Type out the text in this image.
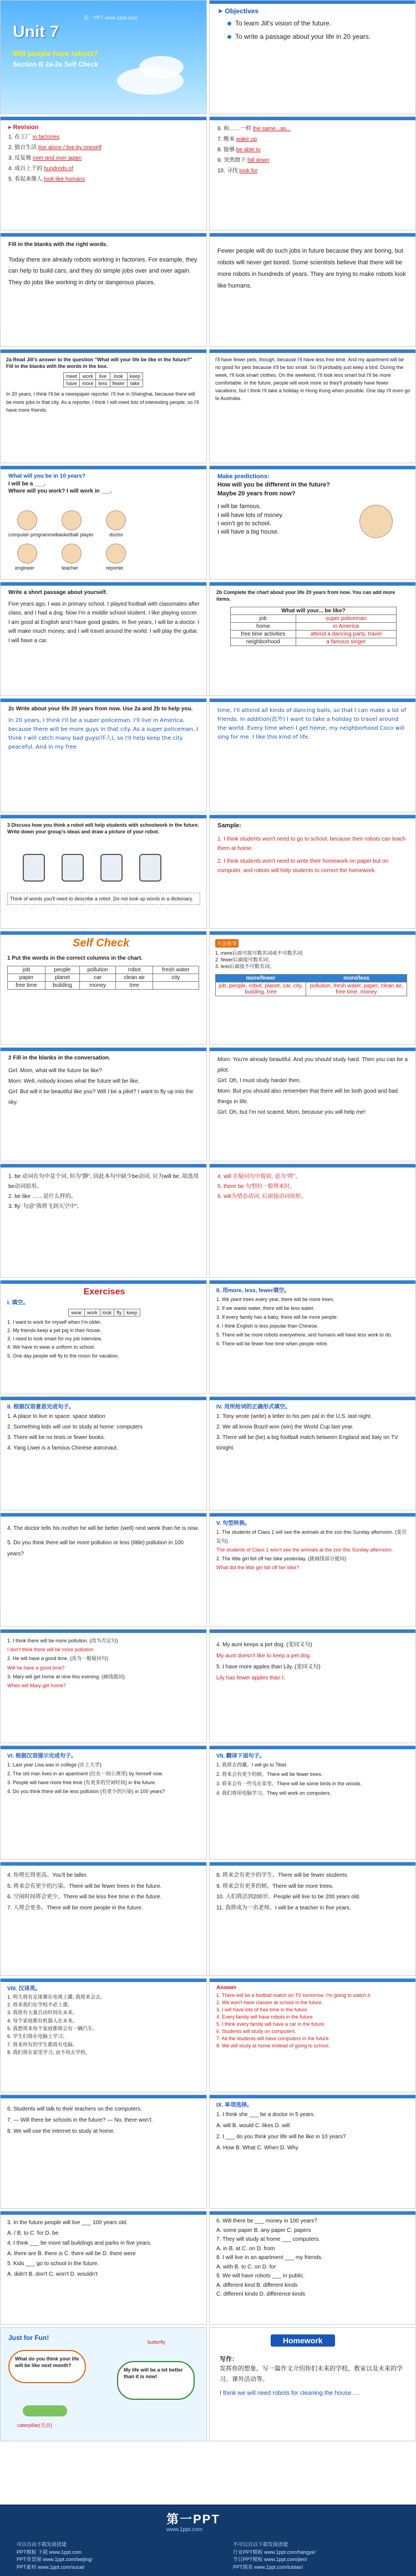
第一PPT www.1ppt.com
Unit 7
Will people have robots?
Section B 2a-2e Self Check
➤ Objectives
To learn Jill's vision of the future.
To write a passage about your life in 20 years.
▸ Revision

1. 在工厂 in factories

2. 独自生活 live alone / live by oneself

3. 反复地 over and over again

4. 成百上千的 hundreds of

5. 看起来像人 look like humans

6. 和……一样 the same...as...

7. 醒来 wake up

8. 能够 be able to

9. 突然倒下 fall down

10. 寻找 look for

Fill in the blanks with the right words.

Today there are already robots working in factories. For example, they can help to build cars, and they do simple jobs over and over again. They do jobs like working in dirty or dangerous places.

Fewer people will do such jobs in future because they are boring, but robots will never get bored. Some scientists believe that there will be more robots in hundreds of years. They are trying to make robots look like humans.

2a Read Jill's answer to the question "What will your life be like in the future?" Fill in the blanks with the words in the box.

meet	work	live	look	keep
have	more	less	fewer	take

In 20 years, I think I'll be a newspaper reporter. I'll live in Shanghai, because there will be more jobs in that city. As a reporter, I think I will meet lots of interesting people, so I'll have more friends.

I'll have fewer pets, though, because I'll have less free time. And my apartment will be no good for pets because it'll be too small. So I'll probably just keep a bird. During the week, I'll look smart clothes. On the weekend, I'll look less smart but I'll be more comfortable. In the future, people will work more so they'll probably have fewer vacations, but I think I'll take a holiday in Hong Kong when possible. One day I'll even go to Australia.

What will you be in 10 years?

I will be a ___.

Where will you work? I will work in ___.

computer programmer
basketball player	doctor
engineer	teacher	reporter

Make predictions:

How will you be different in the future?

Maybe 20 years from now?

I will be famous.

I will have lots of money.

I won't go to school.

I will have a big house.

Write a short passage about yourself.

Five years ago, I was in primary school. I played football with classmates after class, and I had a dog. Now I'm a middle school student. I like playing soccer. I am good at English and I have good grades. In five years, I will be a doctor. I will make much money, and I will travel around the world. I will play the guitar. I will have a car.

2b Complete the chart about your life 20 years from now. You can add more items.

What will your... be like?	
job	super policeman
home	in America
free time activities	attend a dancing party, travel
neighborhood	a famous singer

2c Write about your life 20 years from now. Use 2a and 2b to help you.

In 20 years, I think I'll be a super policeman. I'll live in America, because there will be more guys in that city. As a super policeman, I think I will catch many bad guys(坏人), so I'll help keep the city peaceful. And in my free

time, I'll attend all kinds of dancing balls, so that I can make a lot of friends. In addition(此外) I want to take a holiday to travel around the world. Every time when I get home, my neighborhood Coco will sing for me. I like this kind of life.

3 Discuss how you think a robot will help students with schoolwork in the future. Write down your group's ideas and draw a picture of your robot.

Think of words you'll need to describe a robot. Do not look up words in a dictionary.

Sample:

1. I think students won't need to go to school, because their robots can teach them at home.

2. I think students won't need to write their homework on paper but on computer, and robots will help students to correct the homework.

Self Check

1 Put the words in the correct columns in the chart.

job	people	pollution	robot	fresh water
paper	planet	car	clean air	city
free time	building	money	tree	
方法指导

1. more后面可接可数名词或不可数名词;

2. fewer后面接可数名词;

3. less后面接不可数名词。

more/fewer	more/less
job, people, robot, planet, car, city, building, tree	pollution, fresh water, paper, clean air, free time, money

2 Fill in the blanks in the conversation.

Girl: Mom, what will the future be like?

Mom: Well, nobody knows what the future will be like.

Girl: But will it be beautiful like you? Will I be a pilot? I want to fly up into the sky.

Mom: You're already beautiful. And you should study hard. Then you can be a pilot.

Girl: Oh, I must study harder then.

Mom: But you should also remember that there will be both good and bad things in life.

Girl: Oh, but I'm not scared, Mom, because you will help me!

1. be 动词在句中是个词, 但为"静", 因此本句中缺少be动词, 应为will be, 故选用be动词原形。

2. be like ……是什么样的。

3. fly: 句意"我将飞到天空中"。

4. will 在疑问句中提前, 意为"将"。

5. there be 句型的一般将来时。

6. will为情态动词, 后面接动词原形。

Exercises

I. 填空。

wear	work	look	fly	keep

1. I want to work for myself when I'm older.

2. My friends keep a pet pig in their house.

3. I need to look smart for my job interview.

4. We have to wear a uniform to school.

5. One day people will fly to the moon for vacation.

II. 用more, less, fewer填空。

1. We plant trees every year, there will be more trees.

2. If we waste water, there will be less water.

3. If every family has a baby, there will be more people.

4. I think English is less popular than Chinese.

5. There will be more robots everywhere, and humans will have less work to do.

6. There will be fewer free time when people retire.

II. 根据汉语意思完成句子。

1. A place to live in space: space station

2. Something kids will use to study at home: computers

3. There will be no tests or fewer books.

4. Yang Liwei is a famous Chinese astronaut.

IV. 用所给词的正确形式填空。

1. Tony wrote (write) a letter to his pen pal in the U.S. last night.

2. We all know Brazil won (win) the World Cup last year.

3. There will be (be) a big football match between England and Italy on TV tonight.

4. The doctor tells his mother he will be better (well) next week than he is now.

5. Do you think there will be more pollution or less (little) pollution in 100 years?

V. 句型转换。

1. The students of Class 1 will see the animals at the zoo this Sunday afternoon. (变否定句)

The students of Class 1 won't see the animals at the zoo this Sunday afternoon.

2. The little girl fell off her bike yesterday. (就画线部分提问)

What did the little girl fall off her bike?

1. I think there will be more pollution. (改为否定句)

I don't think there will be more pollution.

2. He will have a good time. (改为一般疑问句)

Will he have a good time?

3. Mary will get home at nine this evening. (画线提问)

When will Mary get home?

4. My aunt keeps a pet dog. (变同义句)

My aunt doesn't like to keep a pet dog.

5. I have more apples than Lily. (变同义句)

Lily has fewer apples than I.

VI. 根据汉语提示完成句子。

1. Last year Lisa was in college (在上大学).

2. The old man lives in an apartment (住在一间公寓里) by himself now.

3. People will have more free time (有更多的空闲时间) in the future.

4. Do you think there will be less pollution (有更少的污染) in 100 years?

VII. 翻译下面句子。

1. 我将去西藏。I will go to Tibet.

2. 将来会有更少的树。There will be fewer trees.

3. 将来会有一些鸟在家里。There will be some birds in the woods.

4. 我们将用电脑学习。They will work on computers.

4. 你将长得更高。You'll be taller.

5. 将来会有更少的污染。There will be fewer trees in the future.

6. 空闲时间将会更少。There will be less free time in the future.

7. 人将会更多。There will be more people in the future.

8. 将来会有更少的学生。There will be fewer students.

9. 将来会有更多的树。There will be more trees.

10. 人们将活到200岁。People will live to be 200 years old.

11. 我将成为一名老师。I will be a teacher in five years.

VIII. 汉译英。

1. 明天将有足球赛在电视上播, 我将来会去。

2. 将来我们在学校不必上课。

3. 我将有大量自由时间在未来。

4. 每个家庭都有机器人在未来。

5. 我想将来每个家庭都将会有一辆汽车。

6. 学生们将在电脑上学习。

7. 将来所有的学生都将有电脑。

8. 我们将在家里学习, 而不用去学校。

Answer

1. There will be a football match on TV tomorrow. I'm going to watch it.

2. We won't have classes at school in the future.

3. I will have lots of free time in the future.

4. Every family will have robots in the future.

5. I think every family will have a car in the future.

6. Students will study on computers.

7. All the students will have computers in the future.

8. We will study at home instead of going to school.

6. Students will talk to their teachers on the computers.

7. — Will there be schools in the future? — No, there won't.

8. We will use the internet to study at home.

IX. 单项选择。

1. I think she ___ be a doctor in 5 years.

A. will B. would C. likes D. will

2. I ___ do you think your life will be like in 10 years?

A. How B. What C. When D. Why

3. In the future people will live ___ 100 years old.

A. / B. to C. for D. be

4. I think ___ be more tall buildings and parks in five years.

A. there are B. there is C. there will be D. there were

5. Kids ___ go to school in the future.

A. didn't B. don't C. won't D. wouldn't

6. Will there be ___ money in 100 years?

A. some paper B. any paper C. papers

7. They will study at home ___ computers.

A. in B. at C. on D. from

8. I will live in an apartment ___ my friends.

A. with B. to C. on D. for

9. We will have robots ___ in public.

A. different kind B. different kinds

C. different kinds D. difference kinds

Just for Fun!

What do you think your life will be like next month?

My life will be a lot better than it is now!

butterfly
caterpillar(毛虫)
Homework

写作：

发挥你的想象，写一篇作文介绍你们未来的学校，教室以及未来的学习、课外活动等。

I think we will need robots for cleaning the house. ...

第一PPT
www.1ppt.com
可以自由下载发展团建
PPT模板 下载 www.1ppt.com
PPT背景图 www.1ppt.com/beijing/
PPT素材 www.1ppt.com/sucai/
不可以自以下载发展团建
行业PPT模板 www.1ppt.com/hangye/
节日PPT模板 www.1ppt.com/jieri/
PPT图表 www.1ppt.com/tubiao/
